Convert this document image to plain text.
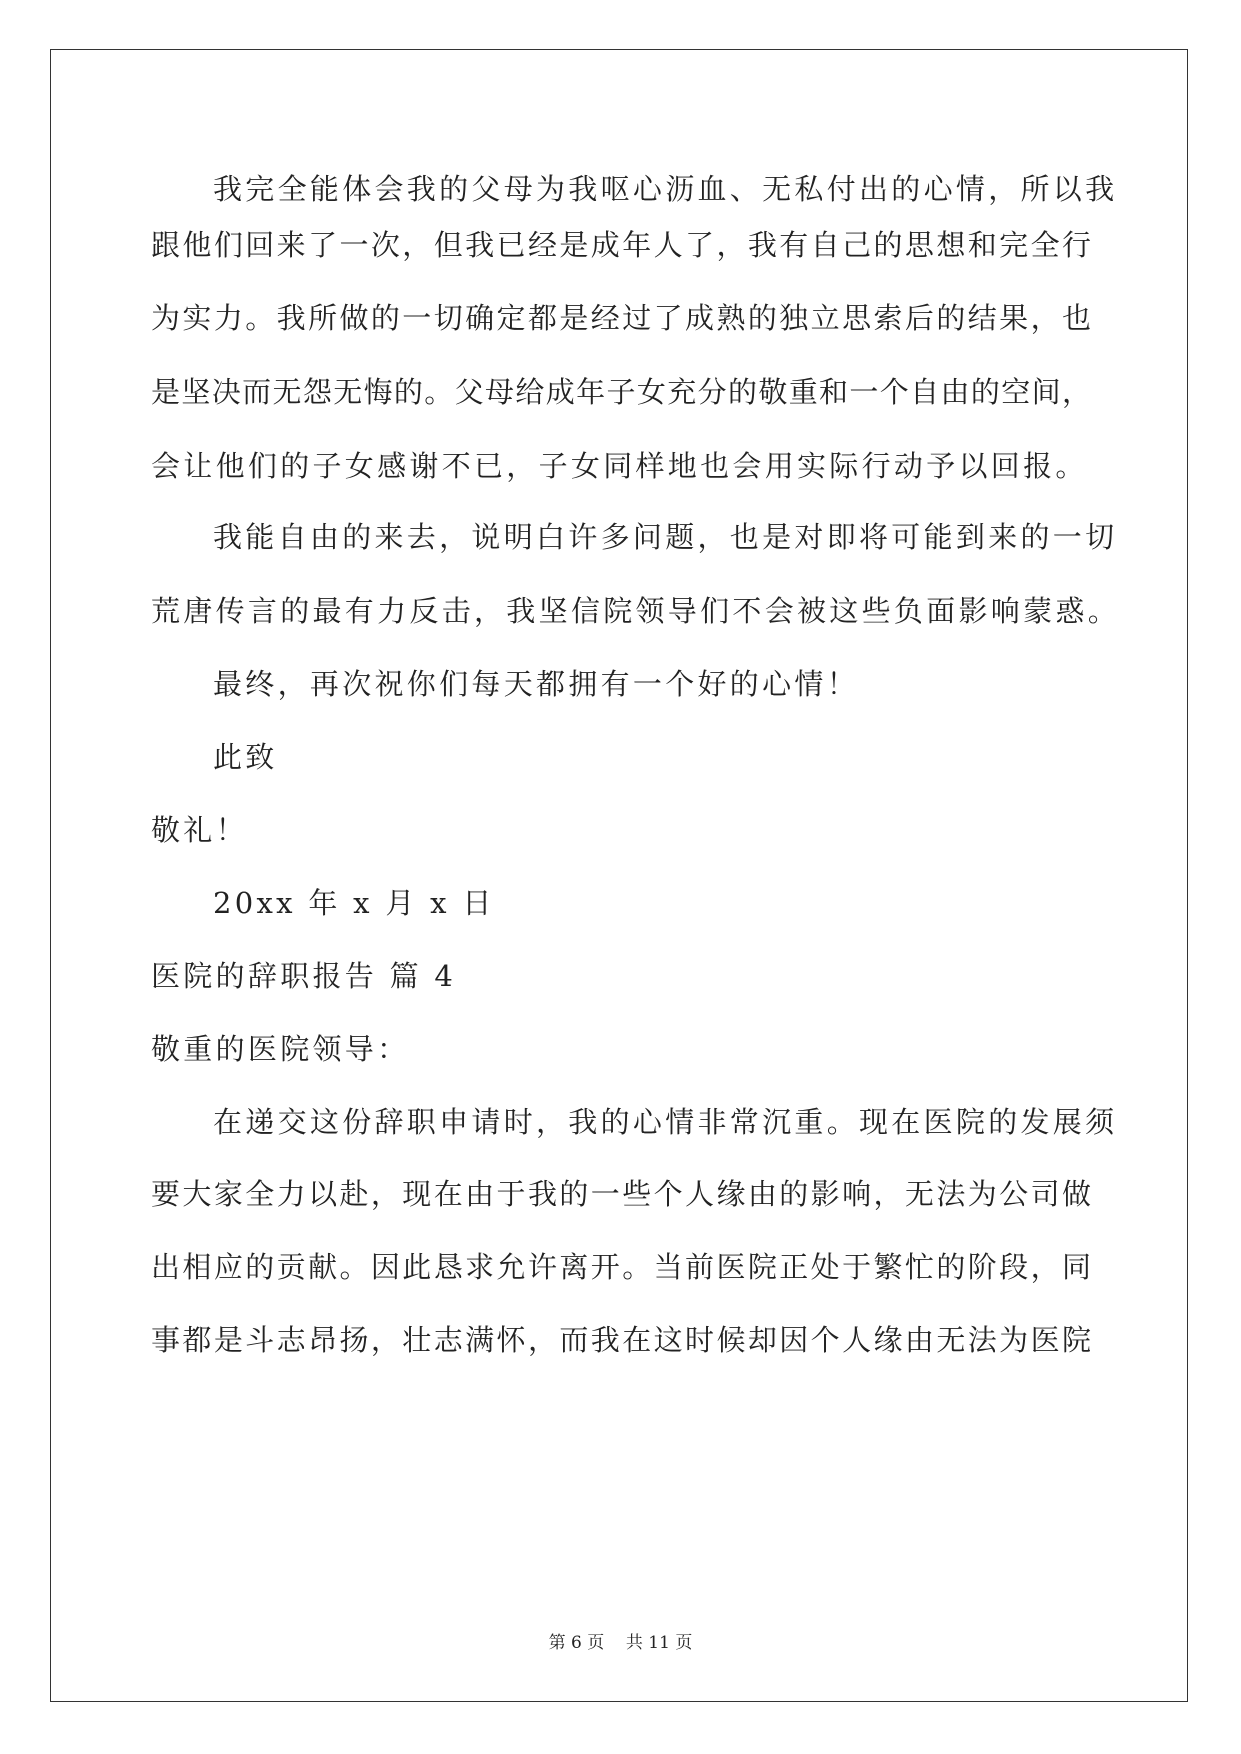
我完全能体会我的父母为我呕心沥血、无私付出的心情，所以我
跟他们回来了一次，但我已经是成年人了，我有自己的思想和完全行
为实力。我所做的一切确定都是经过了成熟的独立思索后的结果，也
是坚决而无怨无悔的。父母给成年子女充分的敬重和一个自由的空间，
会让他们的子女感谢不已，子女同样地也会用实际行动予以回报。
我能自由的来去，说明白许多问题，也是对即将可能到来的一切
荒唐传言的最有力反击，我坚信院领导们不会被这些负面影响蒙惑。
最终，再次祝你们每天都拥有一个好的心情！
此致
敬礼！
20xx 年 x 月 x 日
医院的辞职报告 篇 4
敬重的医院领导：
在递交这份辞职申请时，我的心情非常沉重。现在医院的发展须
要大家全力以赴，现在由于我的一些个人缘由的影响，无法为公司做
出相应的贡献。因此恳求允许离开。当前医院正处于繁忙的阶段，同
事都是斗志昂扬，壮志满怀，而我在这时候却因个人缘由无法为医院
第 6 页    共 11 页
